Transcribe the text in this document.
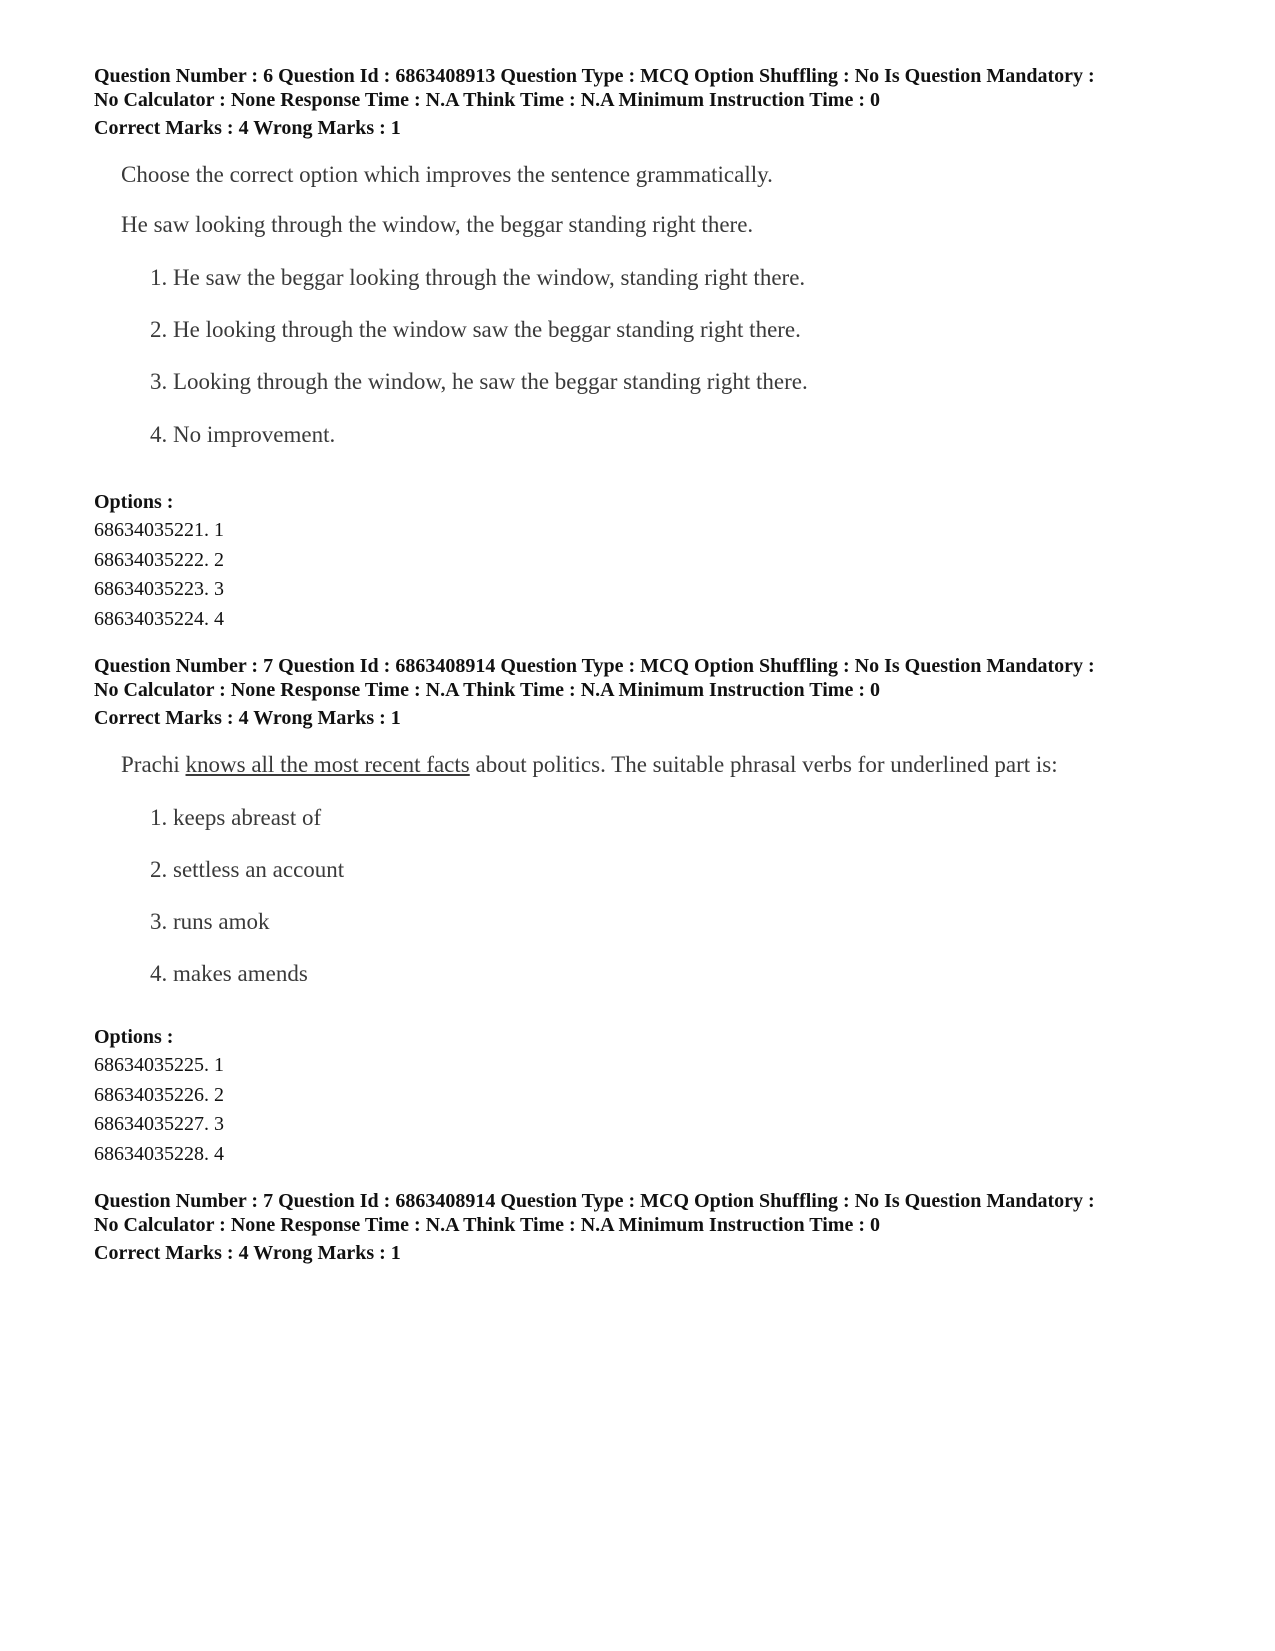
Question Number : 6 Question Id : 6863408913 Question Type : MCQ Option Shuffling : No Is Question Mandatory :
No Calculator : None Response Time : N.A Think Time : N.A Minimum Instruction Time : 0
Correct Marks : 4 Wrong Marks : 1
Choose the correct option which improves the sentence grammatically.
He saw looking through the window, the beggar standing right there.
1. He saw the beggar looking through the window, standing right there.
2. He looking through the window saw the beggar standing right there.
3. Looking through the window, he saw the beggar standing right there.
4. No improvement.
Options :
68634035221. 1
68634035222. 2
68634035223. 3
68634035224. 4
Question Number : 7 Question Id : 6863408914 Question Type : MCQ Option Shuffling : No Is Question Mandatory :
No Calculator : None Response Time : N.A Think Time : N.A Minimum Instruction Time : 0
Correct Marks : 4 Wrong Marks : 1
Prachi knows all the most recent facts about politics. The suitable phrasal verbs for underlined part is:
1. keeps abreast of
2. settless an account
3. runs amok
4. makes amends
Options :
68634035225. 1
68634035226. 2
68634035227. 3
68634035228. 4
Question Number : 7 Question Id : 6863408914 Question Type : MCQ Option Shuffling : No Is Question Mandatory :
No Calculator : None Response Time : N.A Think Time : N.A Minimum Instruction Time : 0
Correct Marks : 4 Wrong Marks : 1
